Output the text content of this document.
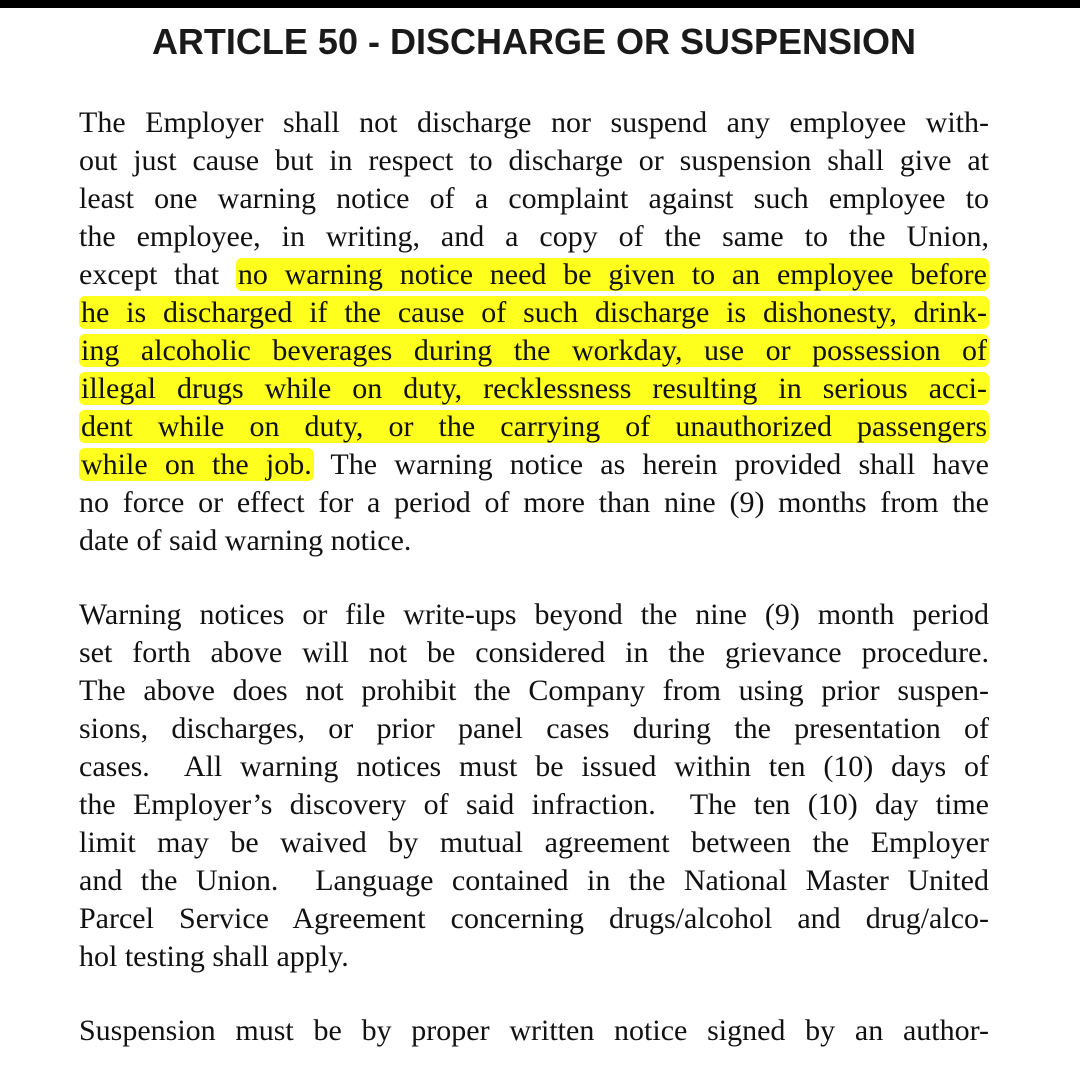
ARTICLE 50 - DISCHARGE OR SUSPENSION
The Employer shall not discharge nor suspend any employee with-
out just cause but in respect to discharge or suspension shall give at
least one warning notice of a complaint against such employee to
the employee, in writing, and a copy of the same to the Union,
except that no warning notice need be given to an employee before
he is discharged if the cause of such discharge is dishonesty, drink-
ing alcoholic beverages during the workday, use or possession of
illegal drugs while on duty, recklessness resulting in serious acci-
dent while on duty, or the carrying of unauthorized passengers
while on the job. The warning notice as herein provided shall have
no force or effect for a period of more than nine (9) months from the
date of said warning notice.
Warning notices or file write-ups beyond the nine (9) month period
set forth above will not be considered in the grievance procedure.
The above does not prohibit the Company from using prior suspen-
sions, discharges, or prior panel cases during the presentation of
cases.  All warning notices must be issued within ten (10) days of
the Employer’s discovery of said infraction.  The ten (10) day time
limit may be waived by mutual agreement between the Employer
and the Union.  Language contained in the National Master United
Parcel Service Agreement concerning drugs/alcohol and drug/alco-
hol testing shall apply.
Suspension must be by proper written notice signed by an author-
